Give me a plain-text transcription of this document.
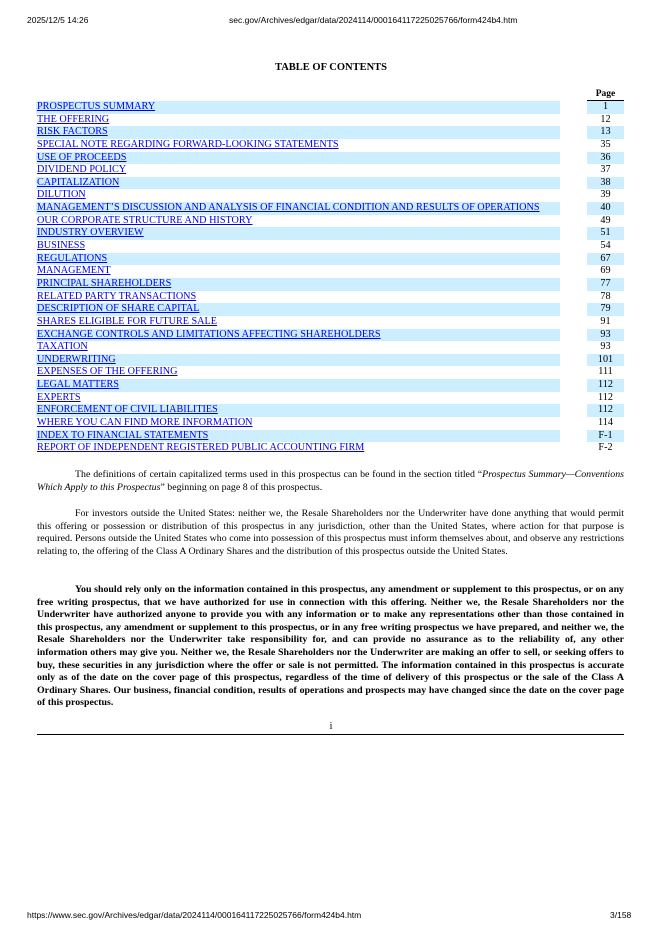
2025/12/5 14:26	sec.gov/Archives/edgar/data/2024114/000164117225025766/form424b4.htm
TABLE OF CONTENTS
Page
PROSPECTUS SUMMARY	1
THE OFFERING	12
RISK FACTORS	13
SPECIAL NOTE REGARDING FORWARD-LOOKING STATEMENTS	35
USE OF PROCEEDS	36
DIVIDEND POLICY	37
CAPITALIZATION	38
DILUTION	39
MANAGEMENT’S DISCUSSION AND ANALYSIS OF FINANCIAL CONDITION AND RESULTS OF OPERATIONS	40
OUR CORPORATE STRUCTURE AND HISTORY	49
INDUSTRY OVERVIEW	51
BUSINESS	54
REGULATIONS	67
MANAGEMENT	69
PRINCIPAL SHAREHOLDERS	77
RELATED PARTY TRANSACTIONS	78
DESCRIPTION OF SHARE CAPITAL	79
SHARES ELIGIBLE FOR FUTURE SALE	91
EXCHANGE CONTROLS AND LIMITATIONS AFFECTING SHAREHOLDERS	93
TAXATION	93
UNDERWRITING	101
EXPENSES OF THE OFFERING	111
LEGAL MATTERS	112
EXPERTS	112
ENFORCEMENT OF CIVIL LIABILITIES	112
WHERE YOU CAN FIND MORE INFORMATION	114
INDEX TO FINANCIAL STATEMENTS	F-1
REPORT OF INDEPENDENT REGISTERED PUBLIC ACCOUNTING FIRM	F-2

The definitions of certain capitalized terms used in this prospectus can be found in the section titled “Prospectus Summary—Conventions Which Apply to this Prospectus” beginning on page 8 of this prospectus.

For investors outside the United States: neither we, the Resale Shareholders nor the Underwriter have done anything that would permit this offering or possession or distribution of this prospectus in any jurisdiction, other than the United States, where action for that purpose is required. Persons outside the United States who come into possession of this prospectus must inform themselves about, and observe any restrictions relating to, the offering of the Class A Ordinary Shares and the distribution of this prospectus outside the United States.

You should rely only on the information contained in this prospectus, any amendment or supplement to this prospectus, or on any free writing prospectus, that we have authorized for use in connection with this offering. Neither we, the Resale Shareholders nor the Underwriter have authorized anyone to provide you with any information or to make any representations other than those contained in this prospectus, any amendment or supplement to this prospectus, or in any free writing prospectus we have prepared, and neither we, the Resale Shareholders nor the Underwriter take responsibility for, and can provide no assurance as to the reliability of, any other information others may give you. Neither we, the Resale Shareholders nor the Underwriter are making an offer to sell, or seeking offers to buy, these securities in any jurisdiction where the offer or sale is not permitted. The information contained in this prospectus is accurate only as of the date on the cover page of this prospectus, regardless of the time of delivery of this prospectus or the sale of the Class A Ordinary Shares. Our business, financial condition, results of operations and prospects may have changed since the date on the cover page of this prospectus.

i
https://www.sec.gov/Archives/edgar/data/2024114/000164117225025766/form424b4.htm	3/158
